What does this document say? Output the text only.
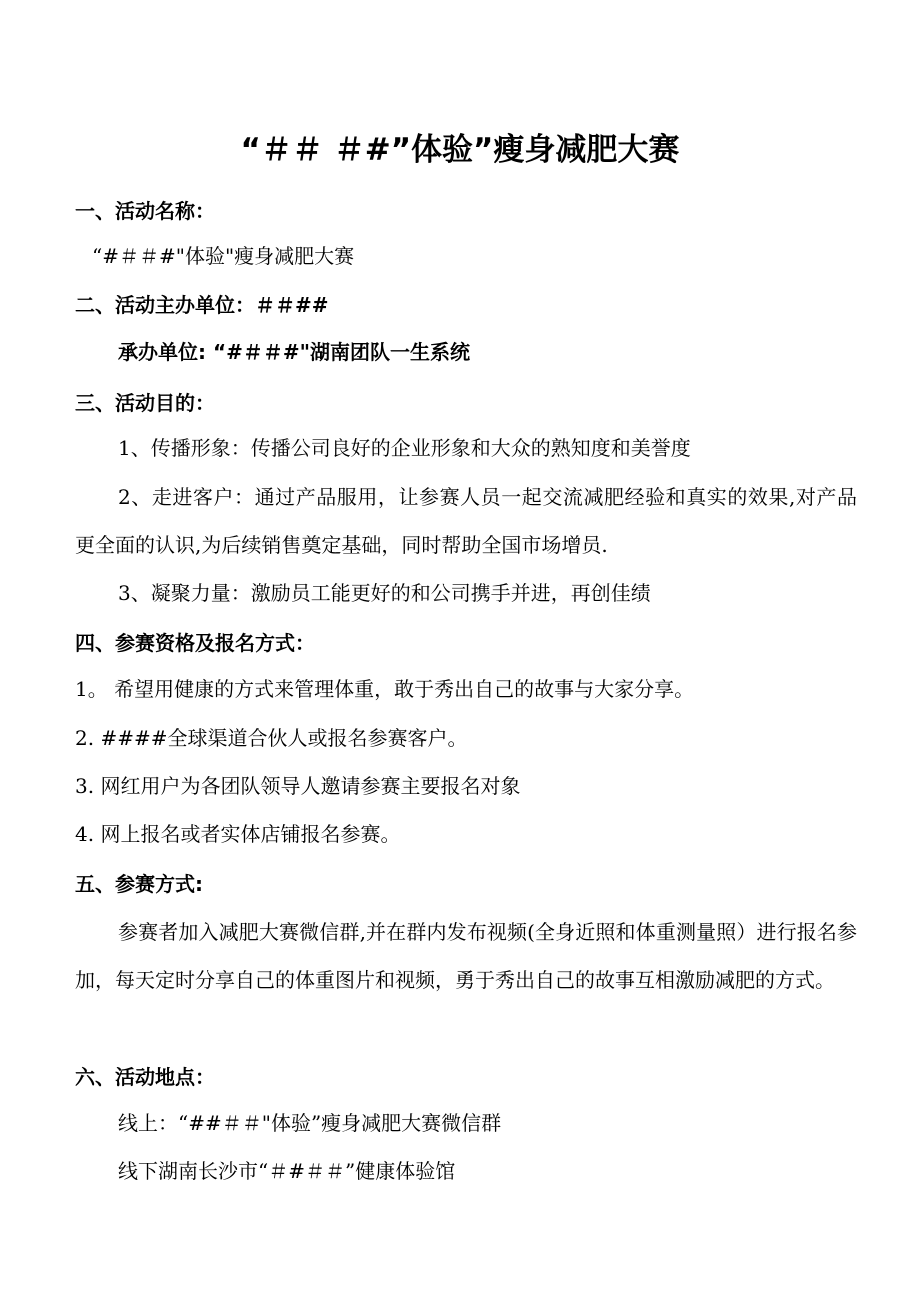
“＃＃ ＃#”体验”瘦身减肥大赛
一、活动名称：
“#＃＃#"体验"瘦身减肥大赛
二、活动主办单位：＃＃##
承办单位: “#＃＃#"湖南团队一生系统
三、活动目的：
1、传播形象：传播公司良好的企业形象和大众的熟知度和美誉度
2、走进客户：通过产品服用，让参赛人员一起交流减肥经验和真实的效果,对产品更全面的认识,为后续销售奠定基础，同时帮助全国市场增员.
3、凝聚力量：激励员工能更好的和公司携手并进，再创佳绩
四、参赛资格及报名方式：
1。 希望用健康的方式来管理体重，敢于秀出自己的故事与大家分享。
2. ####全球渠道合伙人或报名参赛客户。
3. 网红用户为各团队领导人邀请参赛主要报名对象
4. 网上报名或者实体店铺报名参赛。
五、参赛方式:
参赛者加入减肥大赛微信群,并在群内发布视频(全身近照和体重测量照）进行报名参加，每天定时分享自己的体重图片和视频，勇于秀出自己的故事互相激励减肥的方式。
六、活动地点：
线上：“##＃＃"体验”瘦身减肥大赛微信群
线下湖南长沙市“＃#＃＃”健康体验馆
